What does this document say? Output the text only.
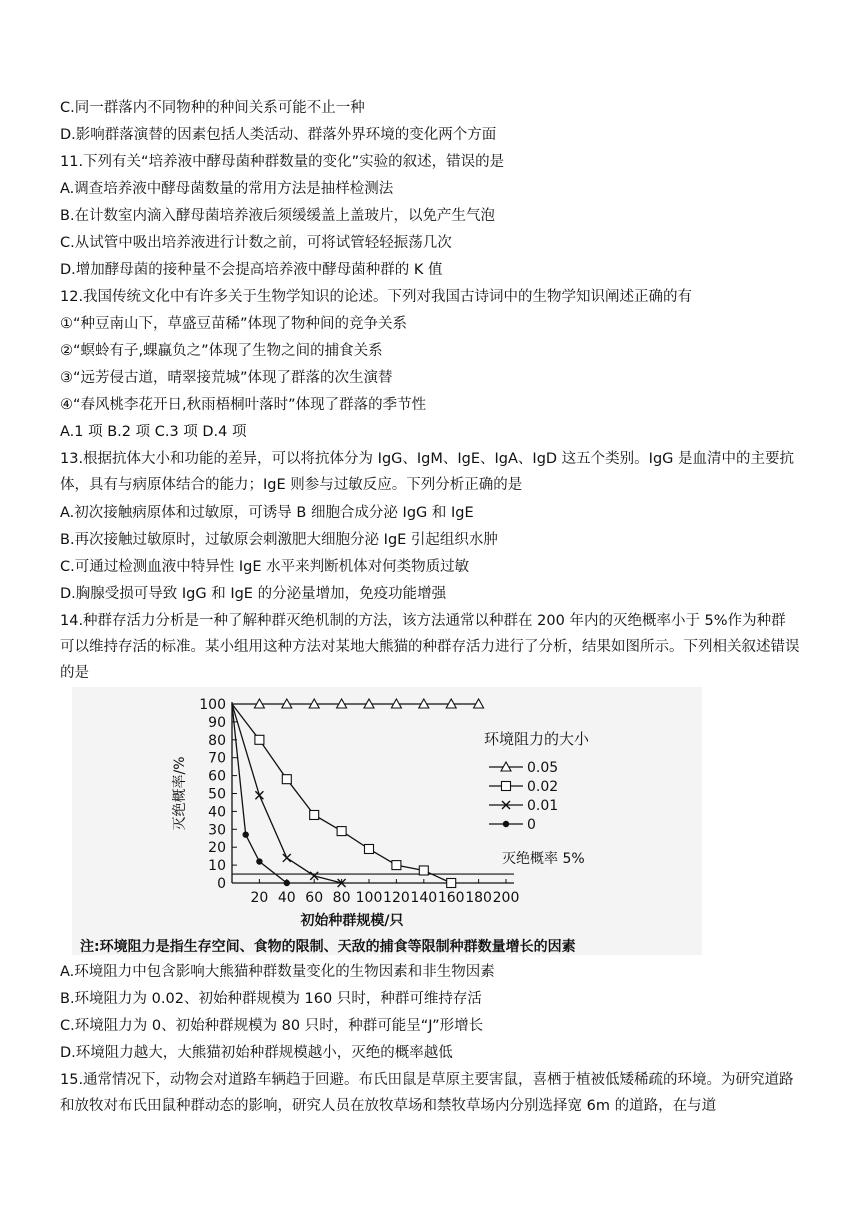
C.同一群落内不同物种的种间关系可能不止一种
D.影响群落演替的因素包括人类活动、群落外界环境的变化两个方面
11.下列有关“培养液中酵母菌种群数量的变化”实验的叙述，错误的是
A.调查培养液中酵母菌数量的常用方法是抽样检测法
B.在计数室内滴入酵母菌培养液后须缓缓盖上盖玻片，以免产生气泡
C.从试管中吸出培养液进行计数之前，可将试管轻轻振荡几次
D.增加酵母菌的接种量不会提高培养液中酵母菌种群的 K 值
12.我国传统文化中有许多关于生物学知识的论述。下列对我国古诗词中的生物学知识阐述正确的有
①“种豆南山下，草盛豆苗稀”体现了物种间的竞争关系
②“螟蛉有子,蜾蠃负之”体现了生物之间的捕食关系
③“远芳侵古道，晴翠接荒城”体现了群落的次生演替
④“春风桃李花开日,秋雨梧桐叶落时”体现了群落的季节性
A.1 项 B.2 项 C.3 项 D.4 项
13.根据抗体大小和功能的差异，可以将抗体分为 IgG、IgM、IgE、IgA、IgD 这五个类别。IgG 是血清中的主要抗体，具有与病原体结合的能力；IgE 则参与过敏反应。下列分析正确的是
A.初次接触病原体和过敏原，可诱导 B 细胞合成分泌 IgG 和 IgE
B.再次接触过敏原时，过敏原会刺激肥大细胞分泌 IgE 引起组织水肿
C.可通过检测血液中特异性 IgE 水平来判断机体对何类物质过敏
D.胸腺受损可导致 IgG 和 IgE 的分泌量增加，免疫功能增强
14.种群存活力分析是一种了解种群灭绝机制的方法，该方法通常以种群在 200 年内的灭绝概率小于 5%作为种群可以维持存活的标准。某小组用这种方法对某地大熊猫的种群存活力进行了分析，结果如图所示。下列相关叙述错误的是
0
10
20
30
40
50
60
70
80
90
100
20 40 60 80 100 120 140 160 180 200
初始种群规模/只
灭绝概率/%
灭绝概率 5%
环境阻力的大小
0.05
0.02
0.01
0
注:环境阻力是指生存空间、食物的限制、天敌的捕食等限制种群数量增长的因素
A.环境阻力中包含影响大熊猫种群数量变化的生物因素和非生物因素
B.环境阻力为 0.02、初始种群规模为 160 只时，种群可维持存活
C.环境阻力为 0、初始种群规模为 80 只时，种群可能呈“J”形增长
D.环境阻力越大，大熊猫初始种群规模越小，灭绝的概率越低
15.通常情况下，动物会对道路车辆趋于回避。布氏田鼠是草原主要害鼠，喜栖于植被低矮稀疏的环境。为研究道路和放牧对布氏田鼠种群动态的影响，研究人员在放牧草场和禁牧草场内分别选择宽 6m 的道路，在与道
